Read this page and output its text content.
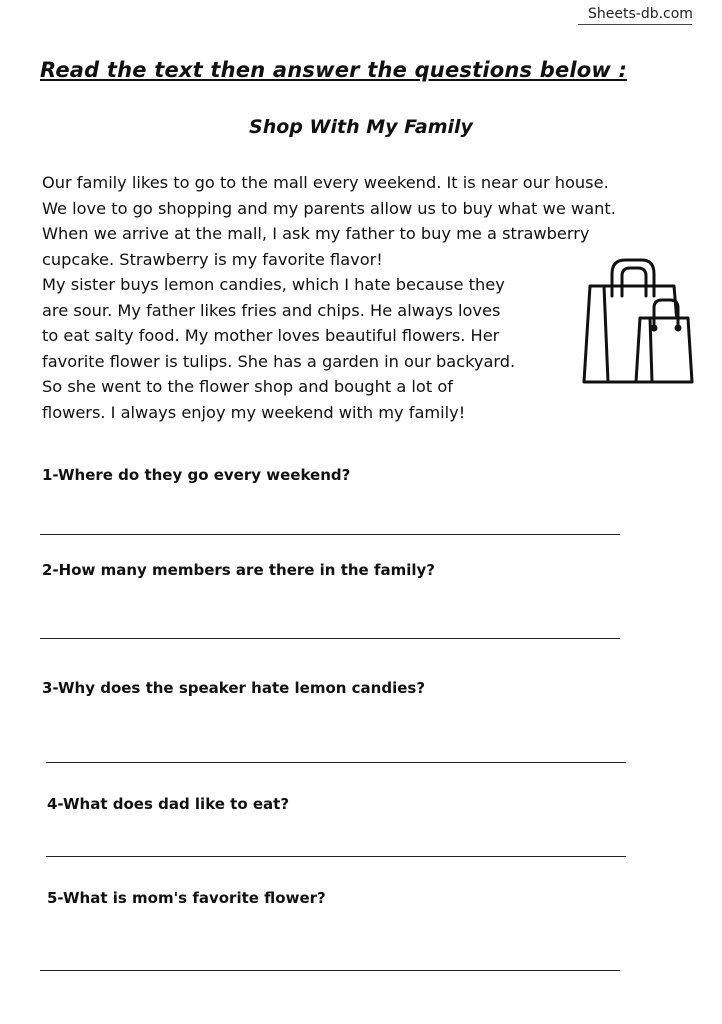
Sheets-db.com
Read the text then answer the questions below :
Shop With My Family
Our family likes to go to the mall every weekend. It is near our house.
We love to go shopping and my parents allow us to buy what we want.
When we arrive at the mall, I ask my father to buy me a strawberry
cupcake. Strawberry is my favorite flavor!
My sister buys lemon candies, which I hate because they
are sour. My father likes fries and chips. He always loves
to eat salty food. My mother loves beautiful flowers. Her
favorite flower is tulips. She has a garden in our backyard.
So she went to the flower shop and bought a lot of
flowers. I always enjoy my weekend with my family!
1-Where do they go every weekend?
2-How many members are there in the family?
3-Why does the speaker hate lemon candies?
4-What does dad like to eat?
5-What is mom's favorite flower?
